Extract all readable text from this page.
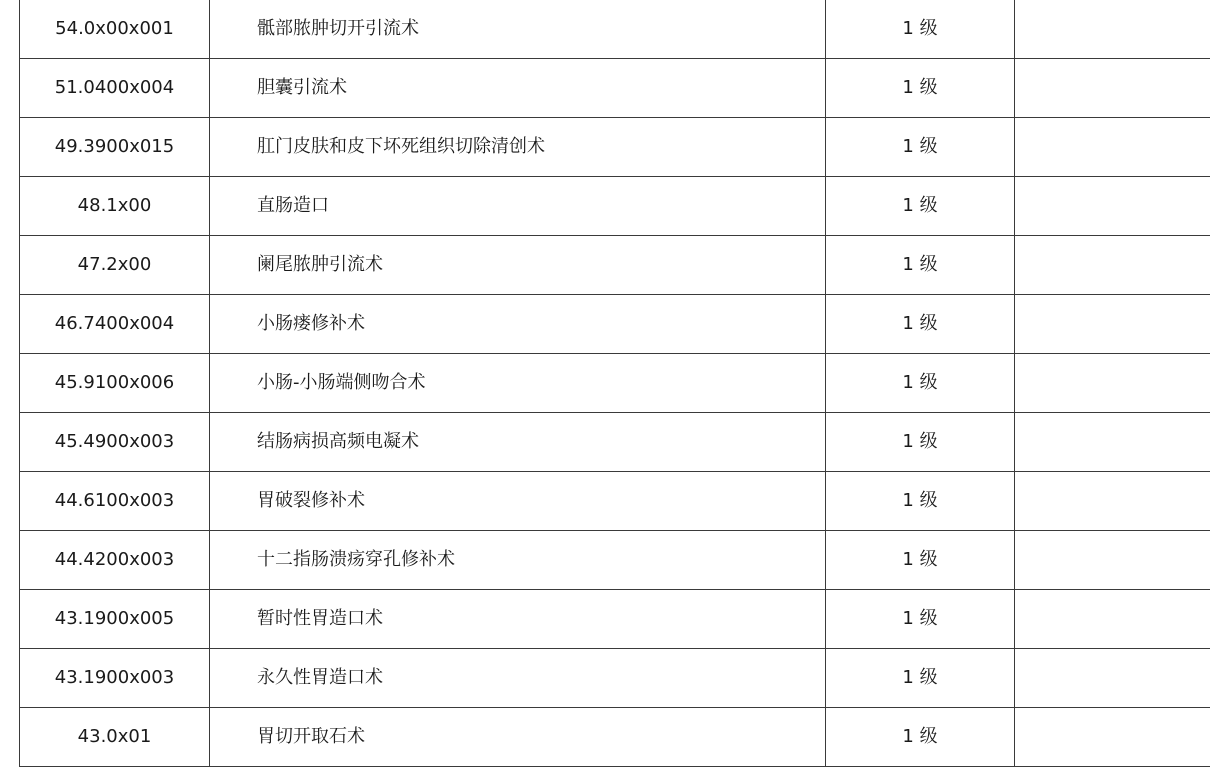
54.0x00x001	骶部脓肿切开引流术	1 级	
51.0400x004	胆囊引流术	1 级	
49.3900x015	肛门皮肤和皮下坏死组织切除清创术	1 级	
48.1x00	直肠造口	1 级	
47.2x00	阑尾脓肿引流术	1 级	
46.7400x004	小肠瘘修补术	1 级	
45.9100x006	小肠-小肠端侧吻合术	1 级	
45.4900x003	结肠病损高频电凝术	1 级	
44.6100x003	胃破裂修补术	1 级	
44.4200x003	十二指肠溃疡穿孔修补术	1 级	
43.1900x005	暂时性胃造口术	1 级	
43.1900x003	永久性胃造口术	1 级	
43.0x01	胃切开取石术	1 级	
